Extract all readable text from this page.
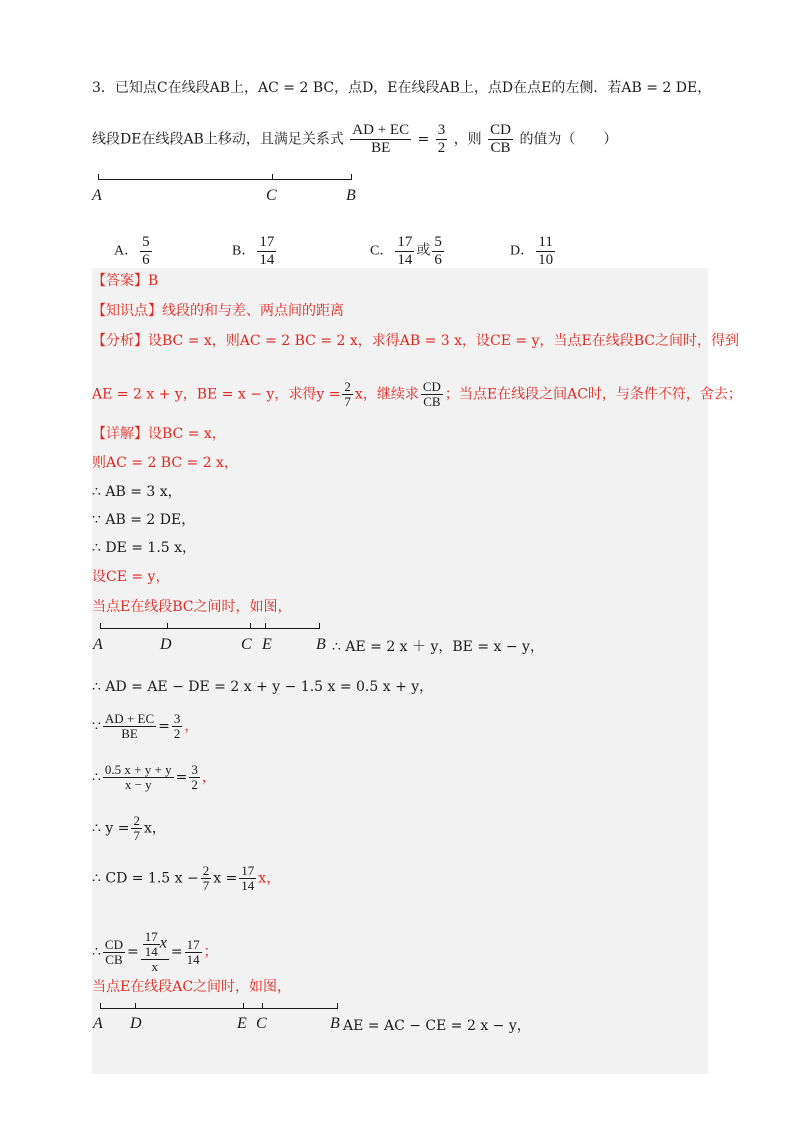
3．已知点C在线段AB上，AC = 2 BC，点D，E在线段AB上，点D在点E的左侧．若AB = 2 DE，
线段DE在线段AB上移动，且满足关系式 $\frac{AD + EC}{BE} = \frac{3}{2}$ ，则 $\frac{CD}{CB}$ 的值为（　　）
A	C	B
A． $\frac{5}{6}$	B． $\frac{17}{14}$	C． $\frac{17}{14}$ 或 $\frac{5}{6}$	D． $\frac{11}{10}$
【答案】B
【知识点】线段的和与差、两点间的距离
【分析】设BC = x，则AC = 2 BC = 2 x，求得AB = 3 x，设CE = y，当点E在线段BC之间时，得到
AE = 2 x + y，BE = x − y，求得$y = \frac{2}{7}$ x，继续求 $\frac{CD}{CB}$ ；当点E在线段之间AC时，与条件不符，舍去；
【详解】设BC = x，
则AC = 2 BC = 2 x，
∴ AB = 3 x，
∵ AB = 2 DE，
∴ DE = 1.5 x，
设CE = y，
当点E在线段BC之间时，如图，
A	D	C E	B ∴ AE = 2 x ＋ y，BE = x − y，
∴ AD = AE − DE = 2 x + y − 1.5 x = 0.5 x + y，
∵ $\frac{AD + EC}{BE} = \frac{3}{2}$ ，
∴ $\frac{0.5 x + y + y}{x - y} = \frac{3}{2}$ ，
∴ $y = \frac{2}{7}$ x，
∴ CD = 1.5 $x - \frac{2}{7}$ $x = \frac{17}{14}$ x，
∴ $\frac{CD}{CB} = \frac{\frac{17}{14} x}{x} = \frac{17}{14}$ ；
当点E在线段AC之间时，如图，
A D	E C	B AE = AC − CE = 2 x − y，
